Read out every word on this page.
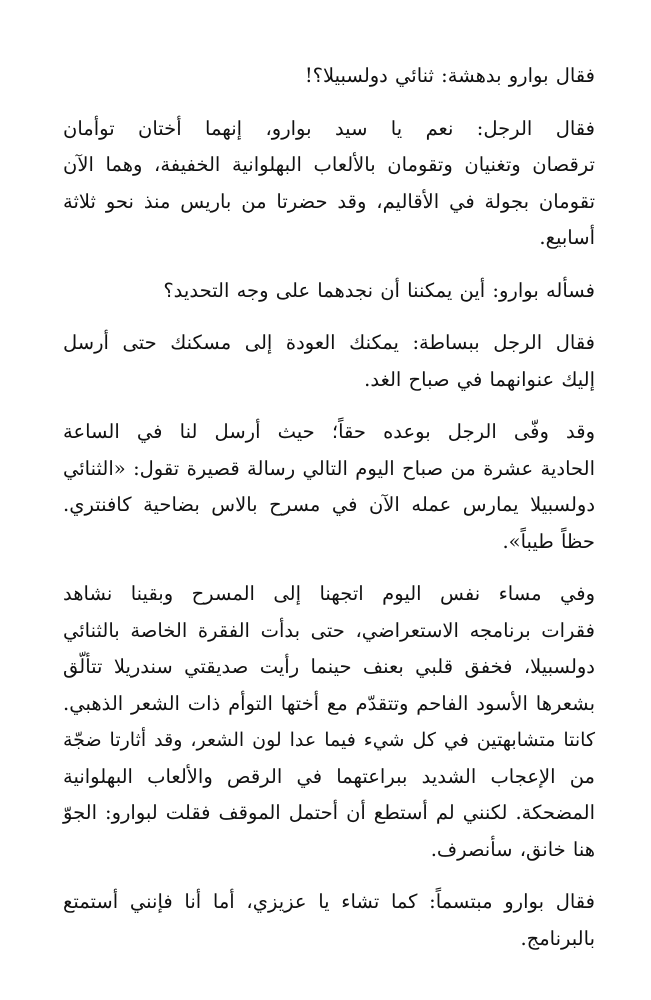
فقال بوارو بدهشة: ثنائي دولسبيلا؟!

فقال الرجل: نعم يا سيد بوارو، إنهما أختان توأمان
ترقصان وتغنيان وتقومان بالألعاب البهلوانية الخفيفة، وهما الآن
تقومان بجولة في الأقاليم، وقد حضرتا من باريس منذ نحو ثلاثة
أسابيع.

فسأله بوارو: أين يمكننا أن نجدهما على وجه التحديد؟

فقال الرجل ببساطة: يمكنك العودة إلى مسكنك حتى أرسل
إليك عنوانهما في صباح الغد.

وقد وفّى الرجل بوعده حقاً؛ حيث أرسل لنا في الساعة
الحادية عشرة من صباح اليوم التالي رسالة قصيرة تقول: «الثنائي
دولسبيلا يمارس عمله الآن في مسرح بالاس بضاحية كافنتري.
حظاً طيباً».

وفي مساء نفس اليوم اتجهنا إلى المسرح وبقينا نشاهد
فقرات برنامجه الاستعراضي، حتى بدأت الفقرة الخاصة بالثنائي
دولسبيلا، فخفق قلبي بعنف حينما رأيت صديقتي سندريلا تتألّق
بشعرها الأسود الفاحم وتتقدّم مع أختها التوأم ذات الشعر الذهبي.
كانتا متشابهتين في كل شيء فيما عدا لون الشعر، وقد أثارتا ضجّة
من الإعجاب الشديد ببراعتهما في الرقص والألعاب البهلوانية
المضحكة. لكنني لم أستطع أن أحتمل الموقف فقلت لبوارو: الجوّ
هنا خانق، سأنصرف.

فقال بوارو مبتسماً: كما تشاء يا عزيزي، أما أنا فإنني أستمتع
بالبرنامج.
